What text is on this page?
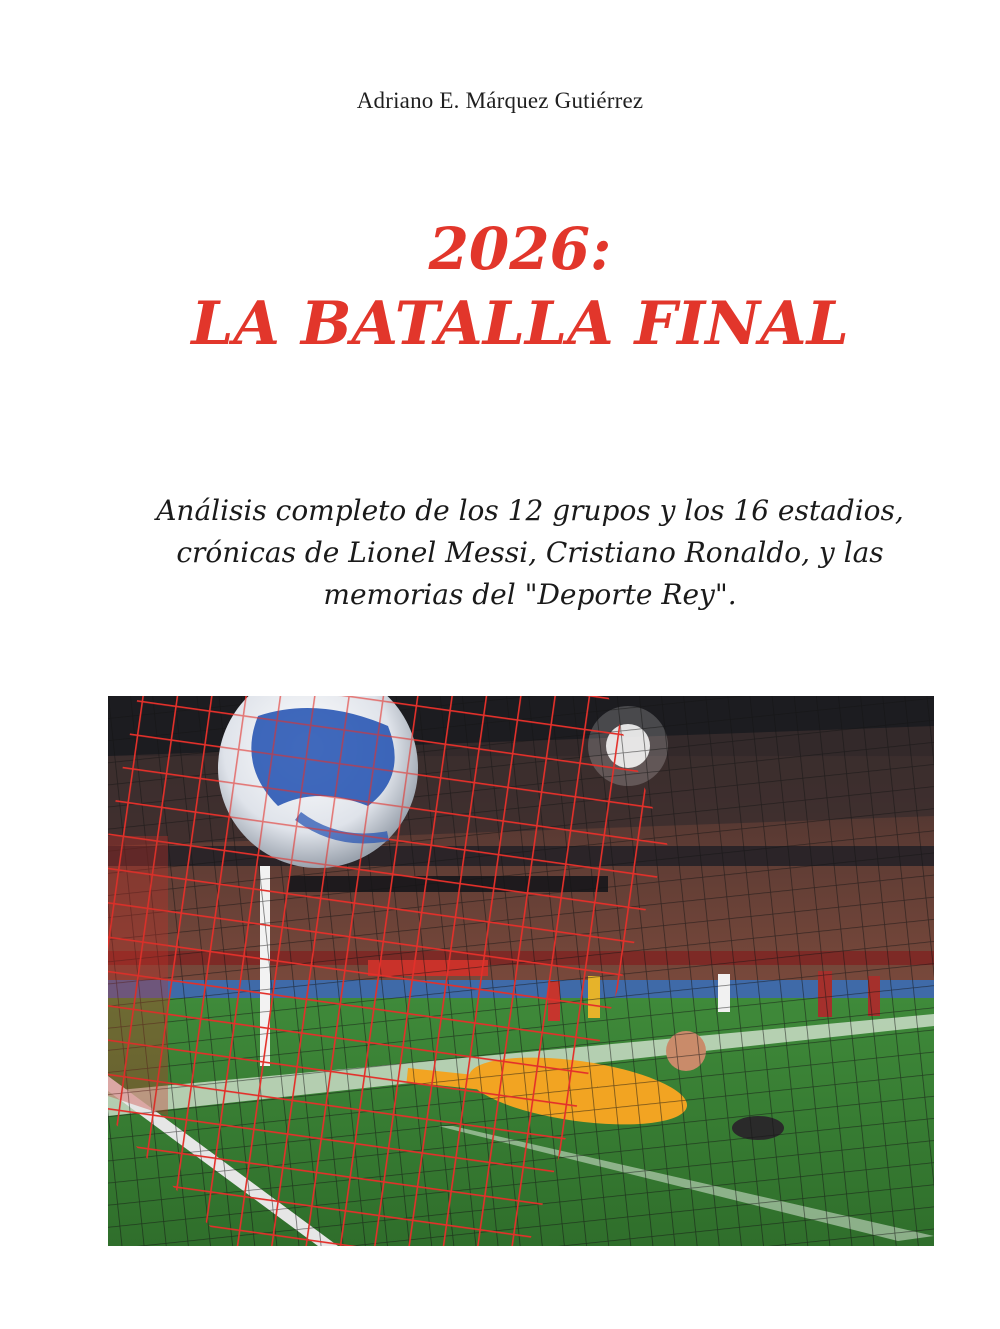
Adriano E. Márquez Gutiérrez
2026:
LA BATALLA FINAL
Análisis completo de los 12 grupos y los 16 estadios, crónicas de Lionel Messi, Cristiano Ronaldo, y las memorias del "Deporte Rey".
